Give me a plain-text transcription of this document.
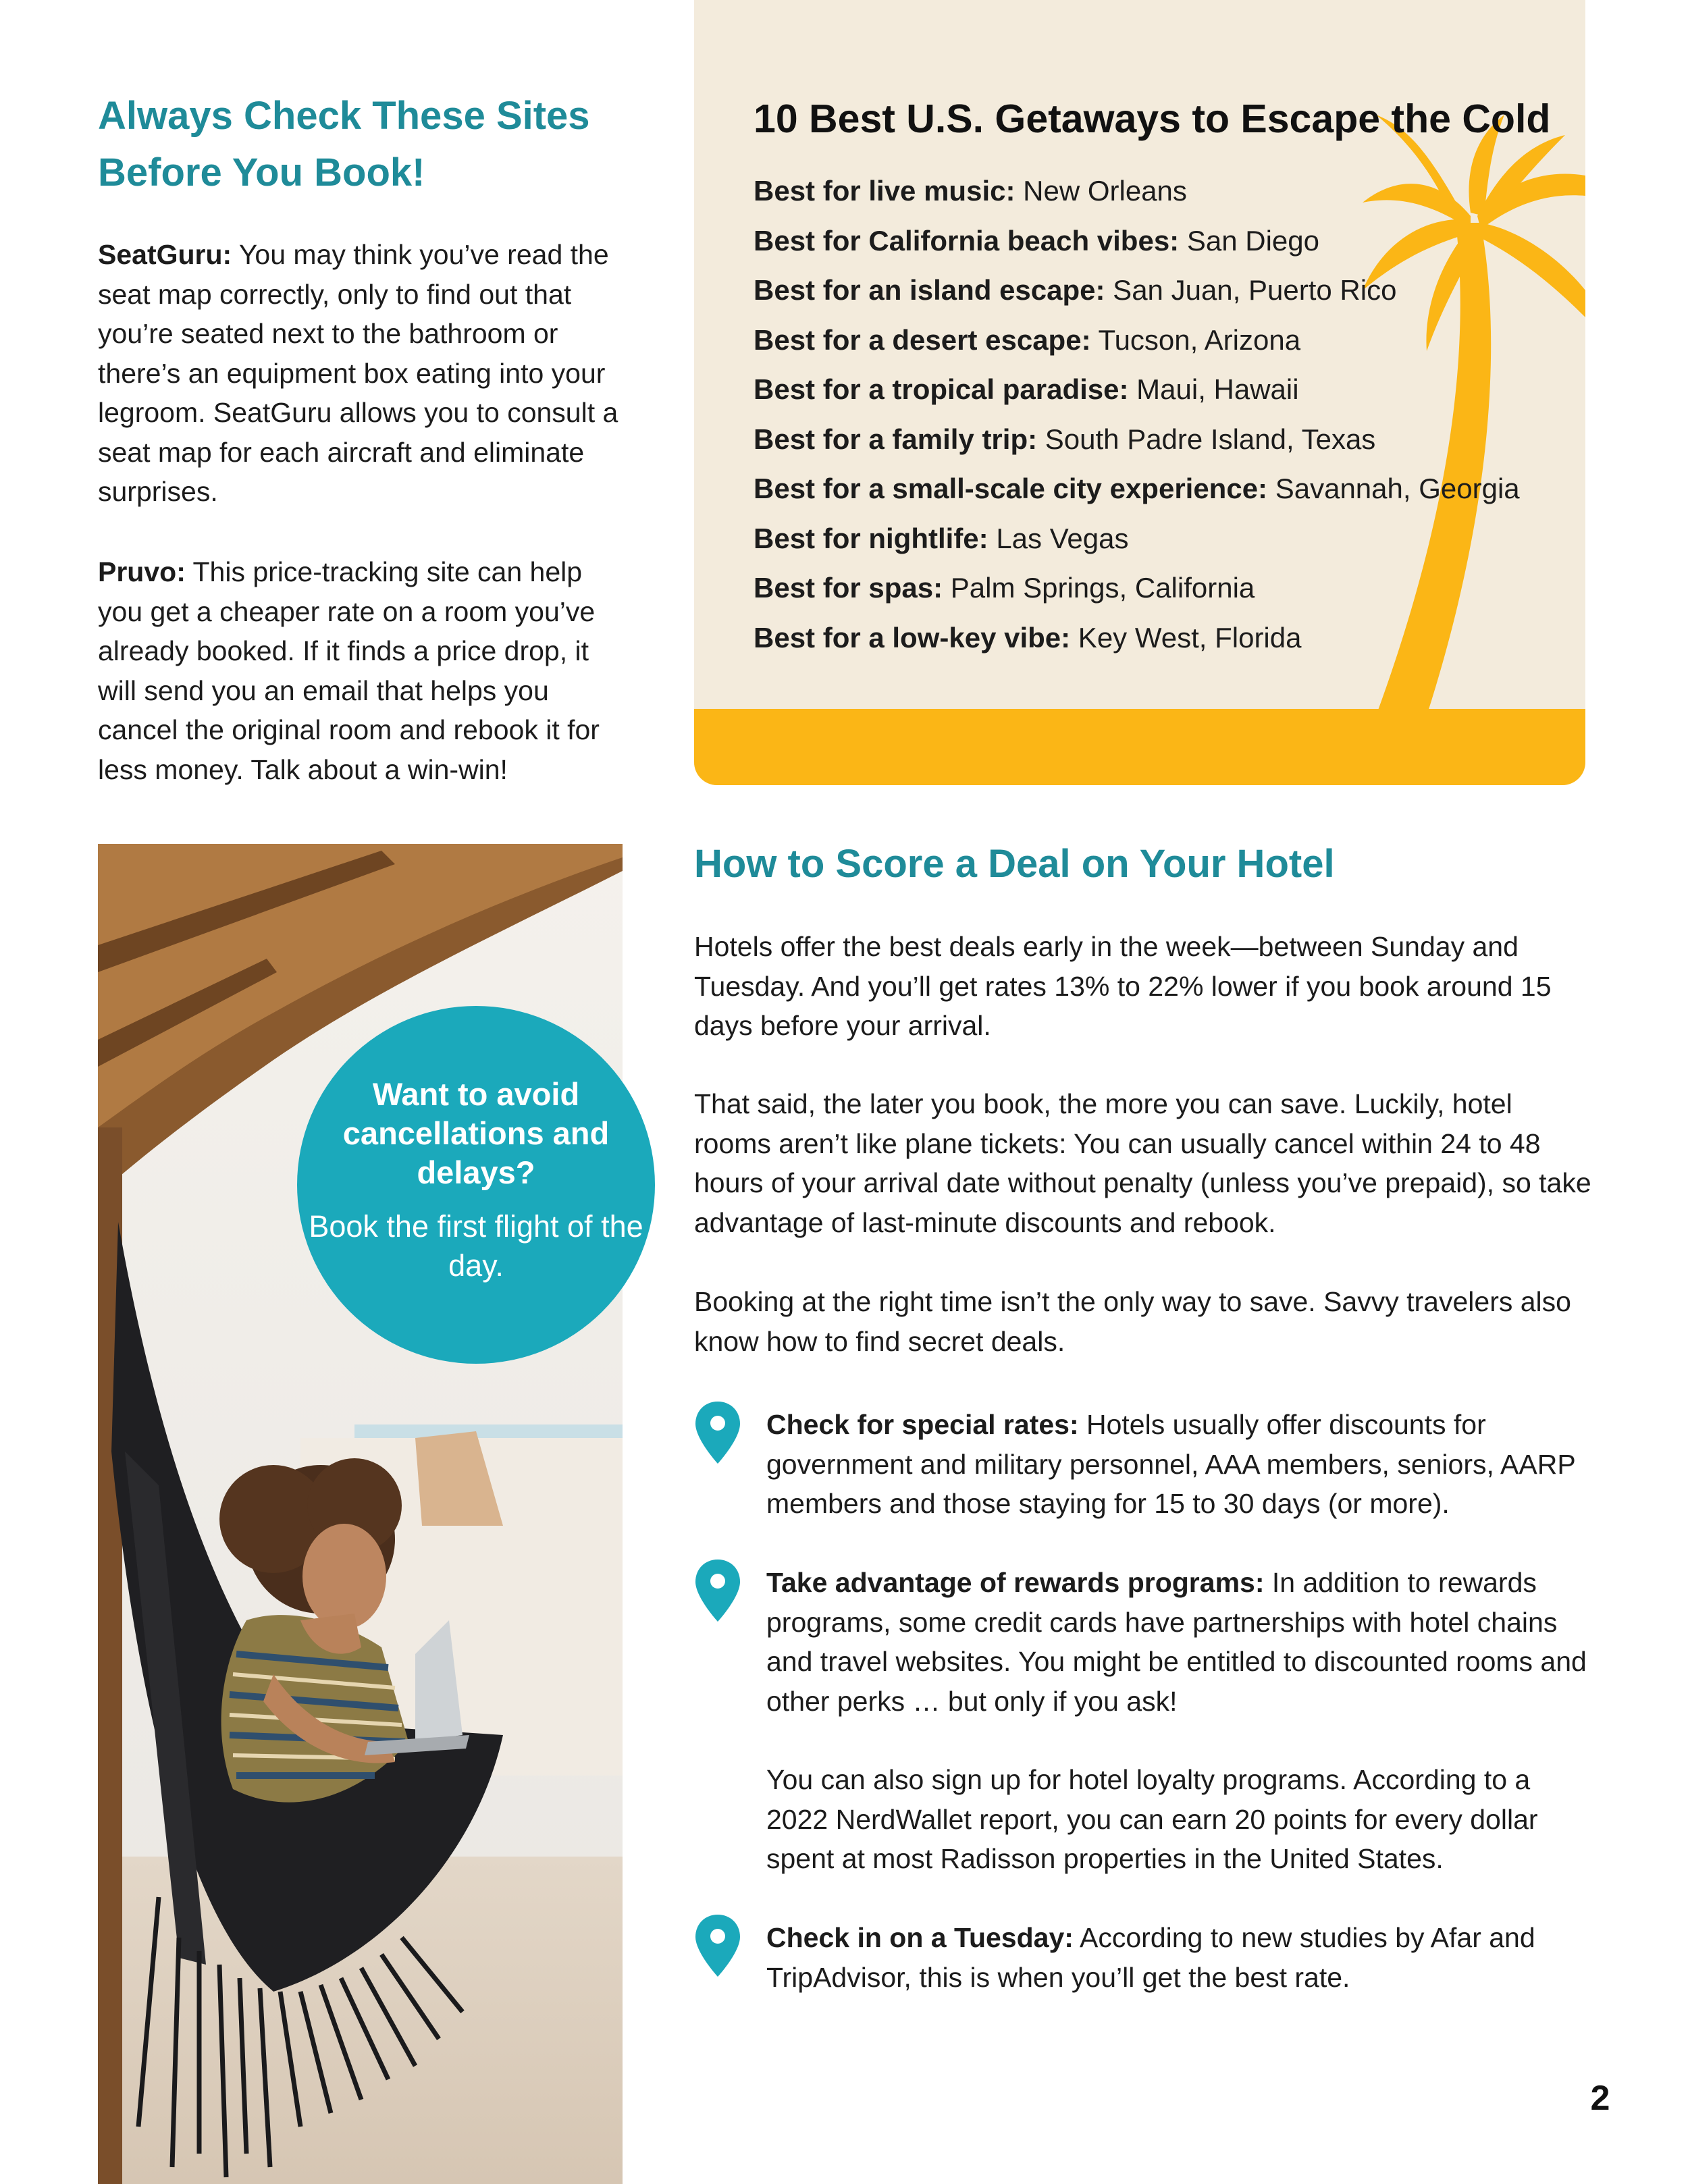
Always Check These Sites Before You Book!
SeatGuru: You may think you’ve read the seat map correctly, only to find out that you’re seated next to the bathroom or there’s an equipment box eating into your legroom. SeatGuru allows you to consult a seat map for each aircraft and eliminate surprises.
Pruvo: This price-tracking site can help you get a cheaper rate on a room you’ve already booked. If it finds a price drop, it will send you an email that helps you cancel the original room and rebook it for less money. Talk about a win-win!
10 Best U.S. Getaways to Escape the Cold
Best for live music: New Orleans
Best for California beach vibes: San Diego
Best for an island escape: San Juan, Puerto Rico
Best for a desert escape: Tucson, Arizona
Best for a tropical paradise: Maui, Hawaii
Best for a family trip: South Padre Island, Texas
Best for a small-scale city experience: Savannah, Georgia
Best for nightlife: Las Vegas
Best for spas: Palm Springs, California
Best for a low-key vibe: Key West, Florida
Want to avoid cancellations and delays?
Book the first flight of the day.
How to Score a Deal on Your Hotel
Hotels offer the best deals early in the week—between Sunday and Tuesday. And you’ll get rates 13% to 22% lower if you book around 15 days before your arrival.
That said, the later you book, the more you can save. Luckily, hotel rooms aren’t like plane tickets: You can usually cancel within 24 to 48 hours of your arrival date without penalty (unless you’ve prepaid), so take advantage of last-minute discounts and rebook.
Booking at the right time isn’t the only way to save. Savvy travelers also know how to find secret deals.
Check for special rates: Hotels usually offer discounts for government and military personnel, AAA members, seniors, AARP members and those staying for 15 to 30 days (or more).
Take advantage of rewards programs: In addition to rewards programs, some credit cards have partnerships with hotel chains and travel websites. You might be entitled to discounted rooms and other perks … but only if you ask!
You can also sign up for hotel loyalty programs. According to a 2022 NerdWallet report, you can earn 20 points for every dollar spent at most Radisson properties in the United States.
Check in on a Tuesday: According to new studies by Afar and TripAdvisor, this is when you’ll get the best rate.
2
